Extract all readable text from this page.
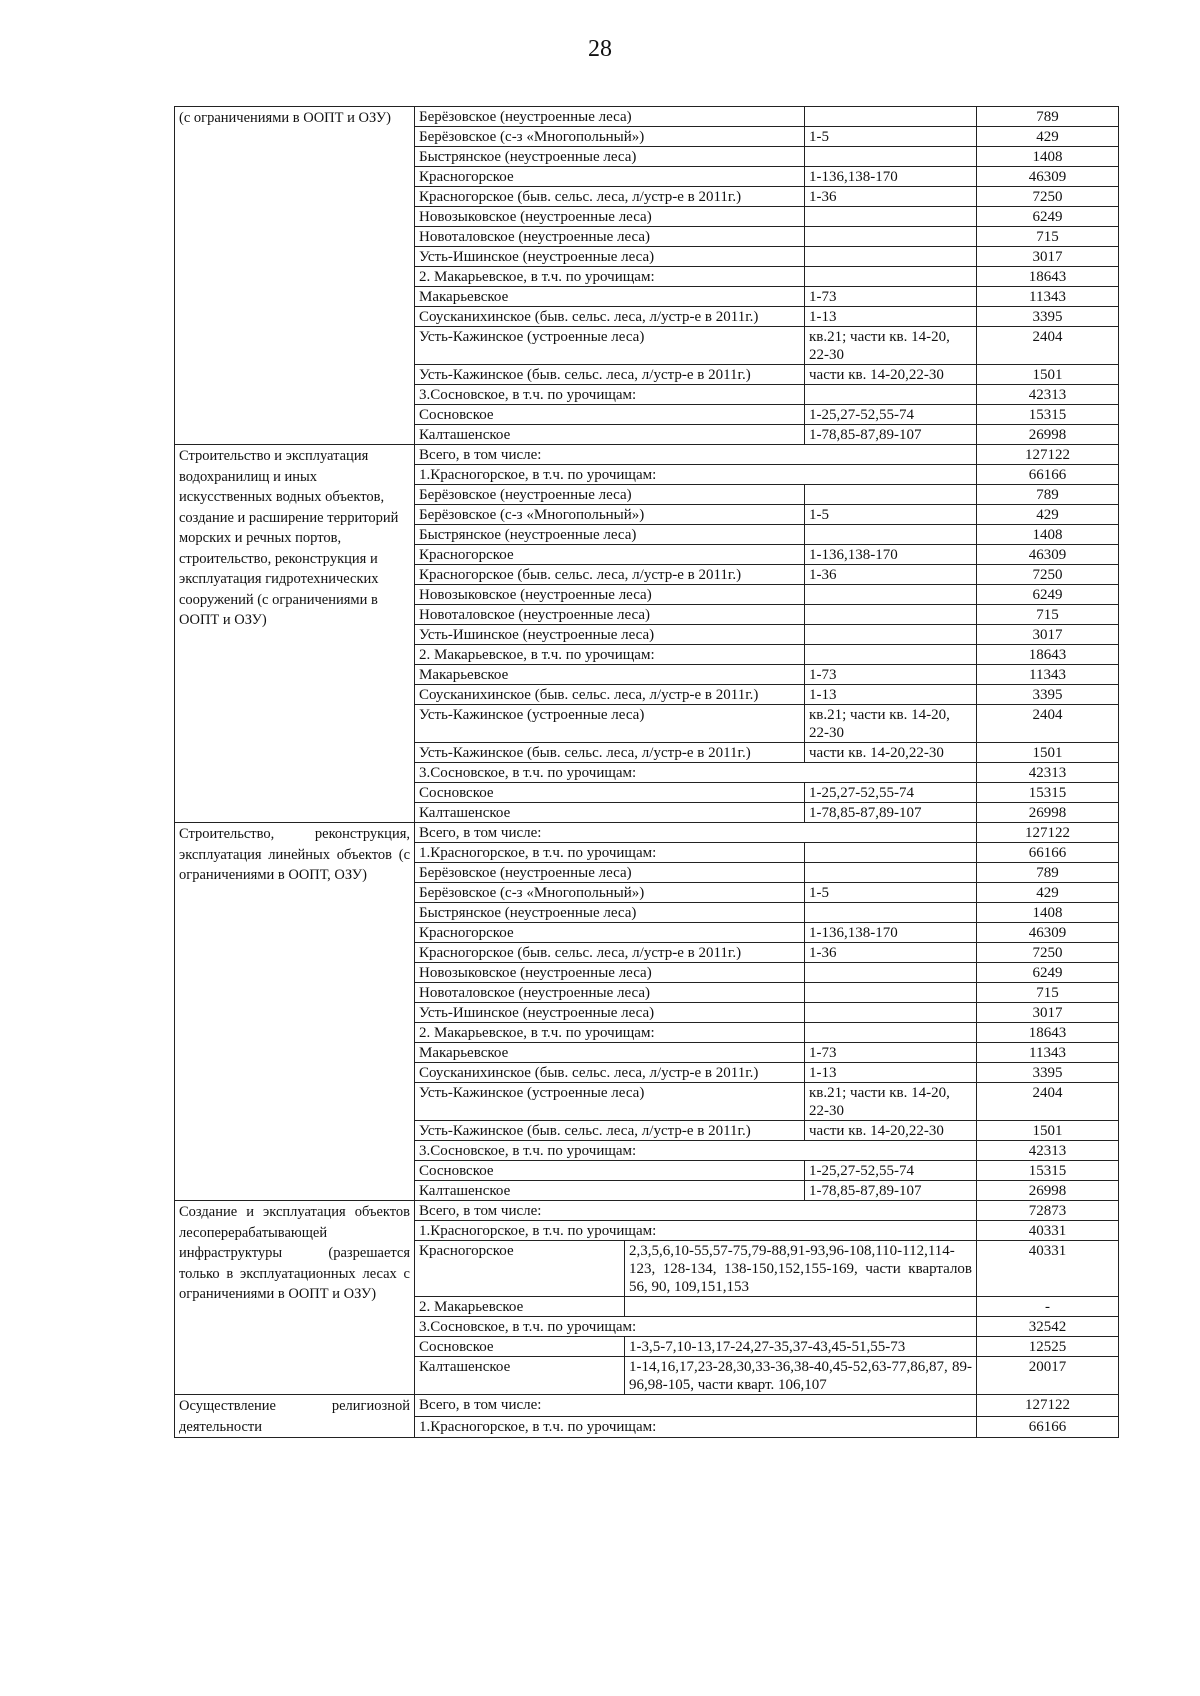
28
(с ограничениями в ООПТ и ОЗУ)	Берёзовское (неустроенные леса)			789
	Берёзовское (с-з «Многопольный»)		1-5	429
	Быстрянское (неустроенные леса)			1408
	Красногорское		1-136,138-170	46309
	Красногорское (быв. сельс. леса, л/устр-е в 2011г.)		1-36	7250
	Новозыковское (неустроенные леса)			6249
	Новоталовское (неустроенные леса)			715
	Усть-Ишинское (неустроенные леса)			3017
	2. Макарьевское, в т.ч. по урочищам:			18643
	Макарьевское		1-73	11343
	Соусканихинское (быв. сельс. леса, л/устр-е в 2011г.)		1-13	3395
	Усть-Кажинское (устроенные леса)		кв.21; части кв. 14-20, 22-30	2404
	Усть-Кажинское (быв. сельс. леса, л/устр-е в 2011г.)		части кв. 14-20,22-30	1501
	3.Сосновское, в т.ч. по урочищам:			42313
	Сосновское		1-25,27-52,55-74	15315
	Калташенское		1-78,85-87,89-107	26998
Строительство и эксплуатация водохранилищ и иных искусственных водных объектов, создание и расширение территорий морских и речных портов, строительство, реконструкция и эксплуатация гидротехнических сооружений (с ограничениями в ООПТ и ОЗУ)	Всего, в том числе:			127122
	1.Красногорское, в т.ч. по урочищам:			66166
	Берёзовское (неустроенные леса)			789
	Берёзовское (с-з «Многопольный»)		1-5	429
	Быстрянское (неустроенные леса)			1408
	Красногорское		1-136,138-170	46309
	Красногорское (быв. сельс. леса, л/устр-е в 2011г.)		1-36	7250
	Новозыковское (неустроенные леса)			6249
	Новоталовское (неустроенные леса)			715
	Усть-Ишинское (неустроенные леса)			3017
	2. Макарьевское, в т.ч. по урочищам:			18643
	Макарьевское		1-73	11343
	Соусканихинское (быв. сельс. леса, л/устр-е в 2011г.)		1-13	3395
	Усть-Кажинское (устроенные леса)		кв.21; части кв. 14-20, 22-30	2404
	Усть-Кажинское (быв. сельс. леса, л/устр-е в 2011г.)		части кв. 14-20,22-30	1501
	3.Сосновское, в т.ч. по урочищам:			42313
	Сосновское		1-25,27-52,55-74	15315
	Калташенское		1-78,85-87,89-107	26998
Строительство, реконструкция, эксплуатация линейных объектов (с ограничениями в ООПТ, ОЗУ)	Всего, в том числе:			127122
	1.Красногорское, в т.ч. по урочищам:			66166
	Берёзовское (неустроенные леса)			789
	Берёзовское (с-з «Многопольный»)		1-5	429
	Быстрянское (неустроенные леса)			1408
	Красногорское		1-136,138-170	46309
	Красногорское (быв. сельс. леса, л/устр-е в 2011г.)		1-36	7250
	Новозыковское (неустроенные леса)			6249
	Новоталовское (неустроенные леса)			715
	Усть-Ишинское (неустроенные леса)			3017
	2. Макарьевское, в т.ч. по урочищам:			18643
	Макарьевское		1-73	11343
	Соусканихинское (быв. сельс. леса, л/устр-е в 2011г.)		1-13	3395
	Усть-Кажинское (устроенные леса)		кв.21; части кв. 14-20, 22-30	2404
	Усть-Кажинское (быв. сельс. леса, л/устр-е в 2011г.)		части кв. 14-20,22-30	1501
	3.Сосновское, в т.ч. по урочищам:			42313
	Сосновское		1-25,27-52,55-74	15315
	Калташенское		1-78,85-87,89-107	26998
Создание и эксплуатация объектов лесоперерабатывающей инфраструктуры (разрешается только в эксплуатационных лесах с ограничениями в ООПТ и ОЗУ)	Всего, в том числе:			72873
	1.Красногорское, в т.ч. по урочищам:			40331
	Красногорское	2,3,5,6,10-55,57-75,79-88,91-93,96-108,110-112,114-123, 128-134, 138-150,152,155-169, части кварталов 56, 90, 109,151,153		40331
	2. Макарьевское			-
	3.Сосновское, в т.ч. по урочищам:			32542
	Сосновское	1-3,5-7,10-13,17-24,27-35,37-43,45-51,55-73		12525
	Калташенское	1-14,16,17,23-28,30,33-36,38-40,45-52,63-77,86,87, 89-96,98-105, части кварт. 106,107		20017
Осуществление религиозной деятельности	Всего, в том числе:			127122
	1.Красногорское, в т.ч. по урочищам:			66166
